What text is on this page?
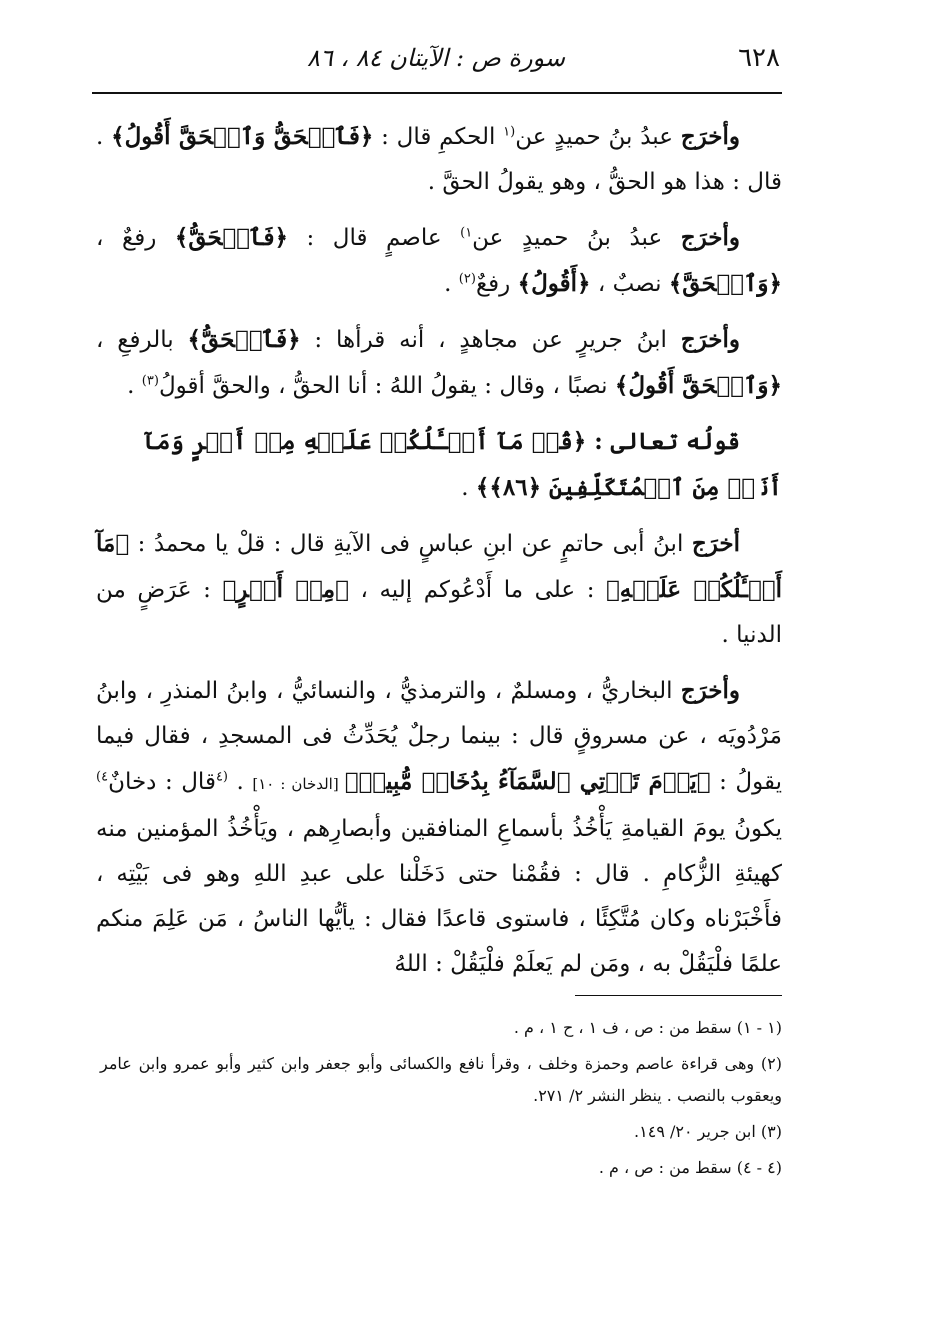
٦٢٨
سورة ص : الآيتان ٨٤ ، ٨٦

وأخرَج عبدُ بنُ حميدٍ عن$^{(١}$ الحكمِ قال : ﴿فَٱلۡحَقُّ وَٱلۡحَقَّ أَقُولُ﴾ . قال : هذا هو الحقُّ ، وهو يقولُ الحقَّ .

وأخرَج عبدُ بنُ حميدٍ عن$^{١)}$ عاصمٍ قال : ﴿فَٱلۡحَقُّ﴾ رفعٌ ، ﴿وَٱلۡحَقَّ﴾ نصبٌ ، ﴿أَقُولُ﴾ رفعٌ$^{(٢)}$ .

وأخرَج ابنُ جريرٍ عن مجاهدٍ ، أنه قرأها : ﴿فَٱلۡحَقُّ﴾ بالرفعِ ، ﴿وَٱلۡحَقَّ أَقُولُ﴾ نصبًا ، وقال : يقولُ اللهُ : أنا الحقُّ ، والحقَّ أقولُ$^{(٣)}$ .

قولُه تعالى : ﴿قُلۡ مَآ أَسۡـَٔلُكُمۡ عَلَيۡهِ مِنۡ أَجۡرٍ وَمَآ أَنَا۠ مِنَ ٱلۡمُتَكَلِّفِينَ ﴿٨٦﴾﴾ .

أخرَج ابنُ أبى حاتمٍ عن ابنِ عباسٍ فى الآيةِ قال : قلْ يا محمدُ : ﴿مَآ أَسۡـَٔلُكُمۡ عَلَيۡهِ﴾ : على ما أَدْعُوكم إليه ، ﴿مِنۡ أَجۡرٍ﴾ : عَرَضٍ من الدنيا .

وأخرَج البخاريُّ ، ومسلمٌ ، والترمذيُّ ، والنسائيُّ ، وابنُ المنذرِ ، وابنُ مَرْدُويَه ، عن مسروقٍ قال : بينما رجلٌ يُحَدِّثُ فى المسجدِ ، فقال فيما يقولُ : ﴿يَوۡمَ تَأۡتِي ٱلسَّمَآءُ بِدُخَانٖ مُّبِينٖ﴾ [الدخان : ١٠] . $^{(٤}$قال : دخانٌ$^{٤)}$ يكونُ يومَ القيامةِ يَأْخُذُ بأسماعِ المنافقين وأبصارِهم ، ويَأْخُذُ المؤمنين منه كهيئةِ الزُّكامِ . قال : فقُمْنا حتى دَخَلْنا على عبدِ اللهِ وهو فى بَيْتِه ، فأَخْبَرْناه وكان مُتَّكِئًا ، فاستوى قاعدًا فقال : يأيُّها الناسُ ، مَن عَلِمَ منكم علمًا فلْيَقُلْ به ، ومَن لم يَعلَمْ فلْيَقُلْ : اللهُ

(١ - ١) سقط من : ص ، ف ١ ، ح ١ ، م .

(٢) وهى قراءة عاصم وحمزة وخلف ، وقرأ نافع والكسائى وأبو جعفر وابن كثير وأبو عمرو وابن عامر ويعقوب بالنصب . ينظر النشر ٢/ ٢٧١.

(٣) ابن جرير ٢٠/ ١٤٩.

(٤ - ٤) سقط من : ص ، م .
